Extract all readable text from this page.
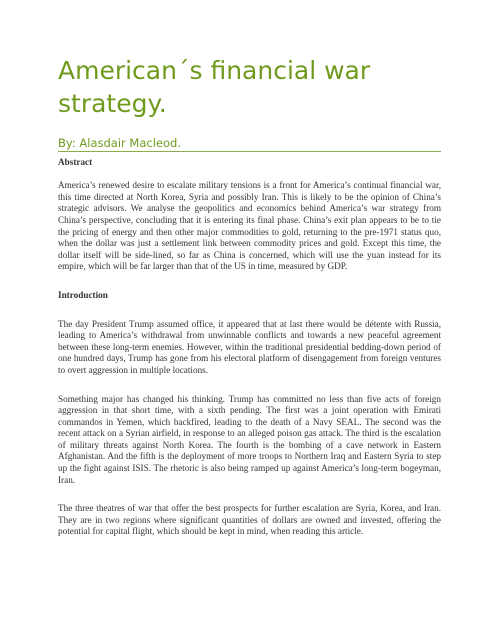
American´s financial war strategy.
By: Alasdair Macleod.

Abstract

America’s renewed desire to escalate military tensions is a front for America’s continual financial war, this time directed at North Korea, Syria and possibly Iran. This is likely to be the opinion of China’s strategic advisors. We analyse the geopolitics and economics behind America’s war strategy from China’s perspective, concluding that it is entering its final phase. China’s exit plan appears to be to tie the pricing of energy and then other major commodities to gold, returning to the pre-1971 status quo, when the dollar was just a settlement link between commodity prices and gold. Except this time, the dollar itself will be side-lined, so far as China is concerned, which will use the yuan instead for its empire, which will be far larger than that of the US in time, measured by GDP.

Introduction

The day President Trump assumed office, it appeared that at last there would be détente with Russia, leading to America’s withdrawal from unwinnable conflicts and towards a new peaceful agreement between these long-term enemies. However, within the traditional presidential bedding-down period of one hundred days, Trump has gone from his electoral platform of disengagement from foreign ventures to overt aggression in multiple locations.

Something major has changed his thinking. Trump has committed no less than five acts of foreign aggression in that short time, with a sixth pending. The first was a joint operation with Emirati commandos in Yemen, which backfired, leading to the death of a Navy SEAL. The second was the recent attack on a Syrian airfield, in response to an alleged poison gas attack. The third is the escalation of military threats against North Korea. The fourth is the bombing of a cave network in Eastern Afghanistan. And the fifth is the deployment of more troops to Northern Iraq and Eastern Syria to step up the fight against ISIS. The rhetoric is also being ramped up against America’s long-term bogeyman, Iran.

The three theatres of war that offer the best prospects for further escalation are Syria, Korea, and Iran. They are in two regions where significant quantities of dollars are owned and invested, offering the potential for capital flight, which should be kept in mind, when reading this article.
